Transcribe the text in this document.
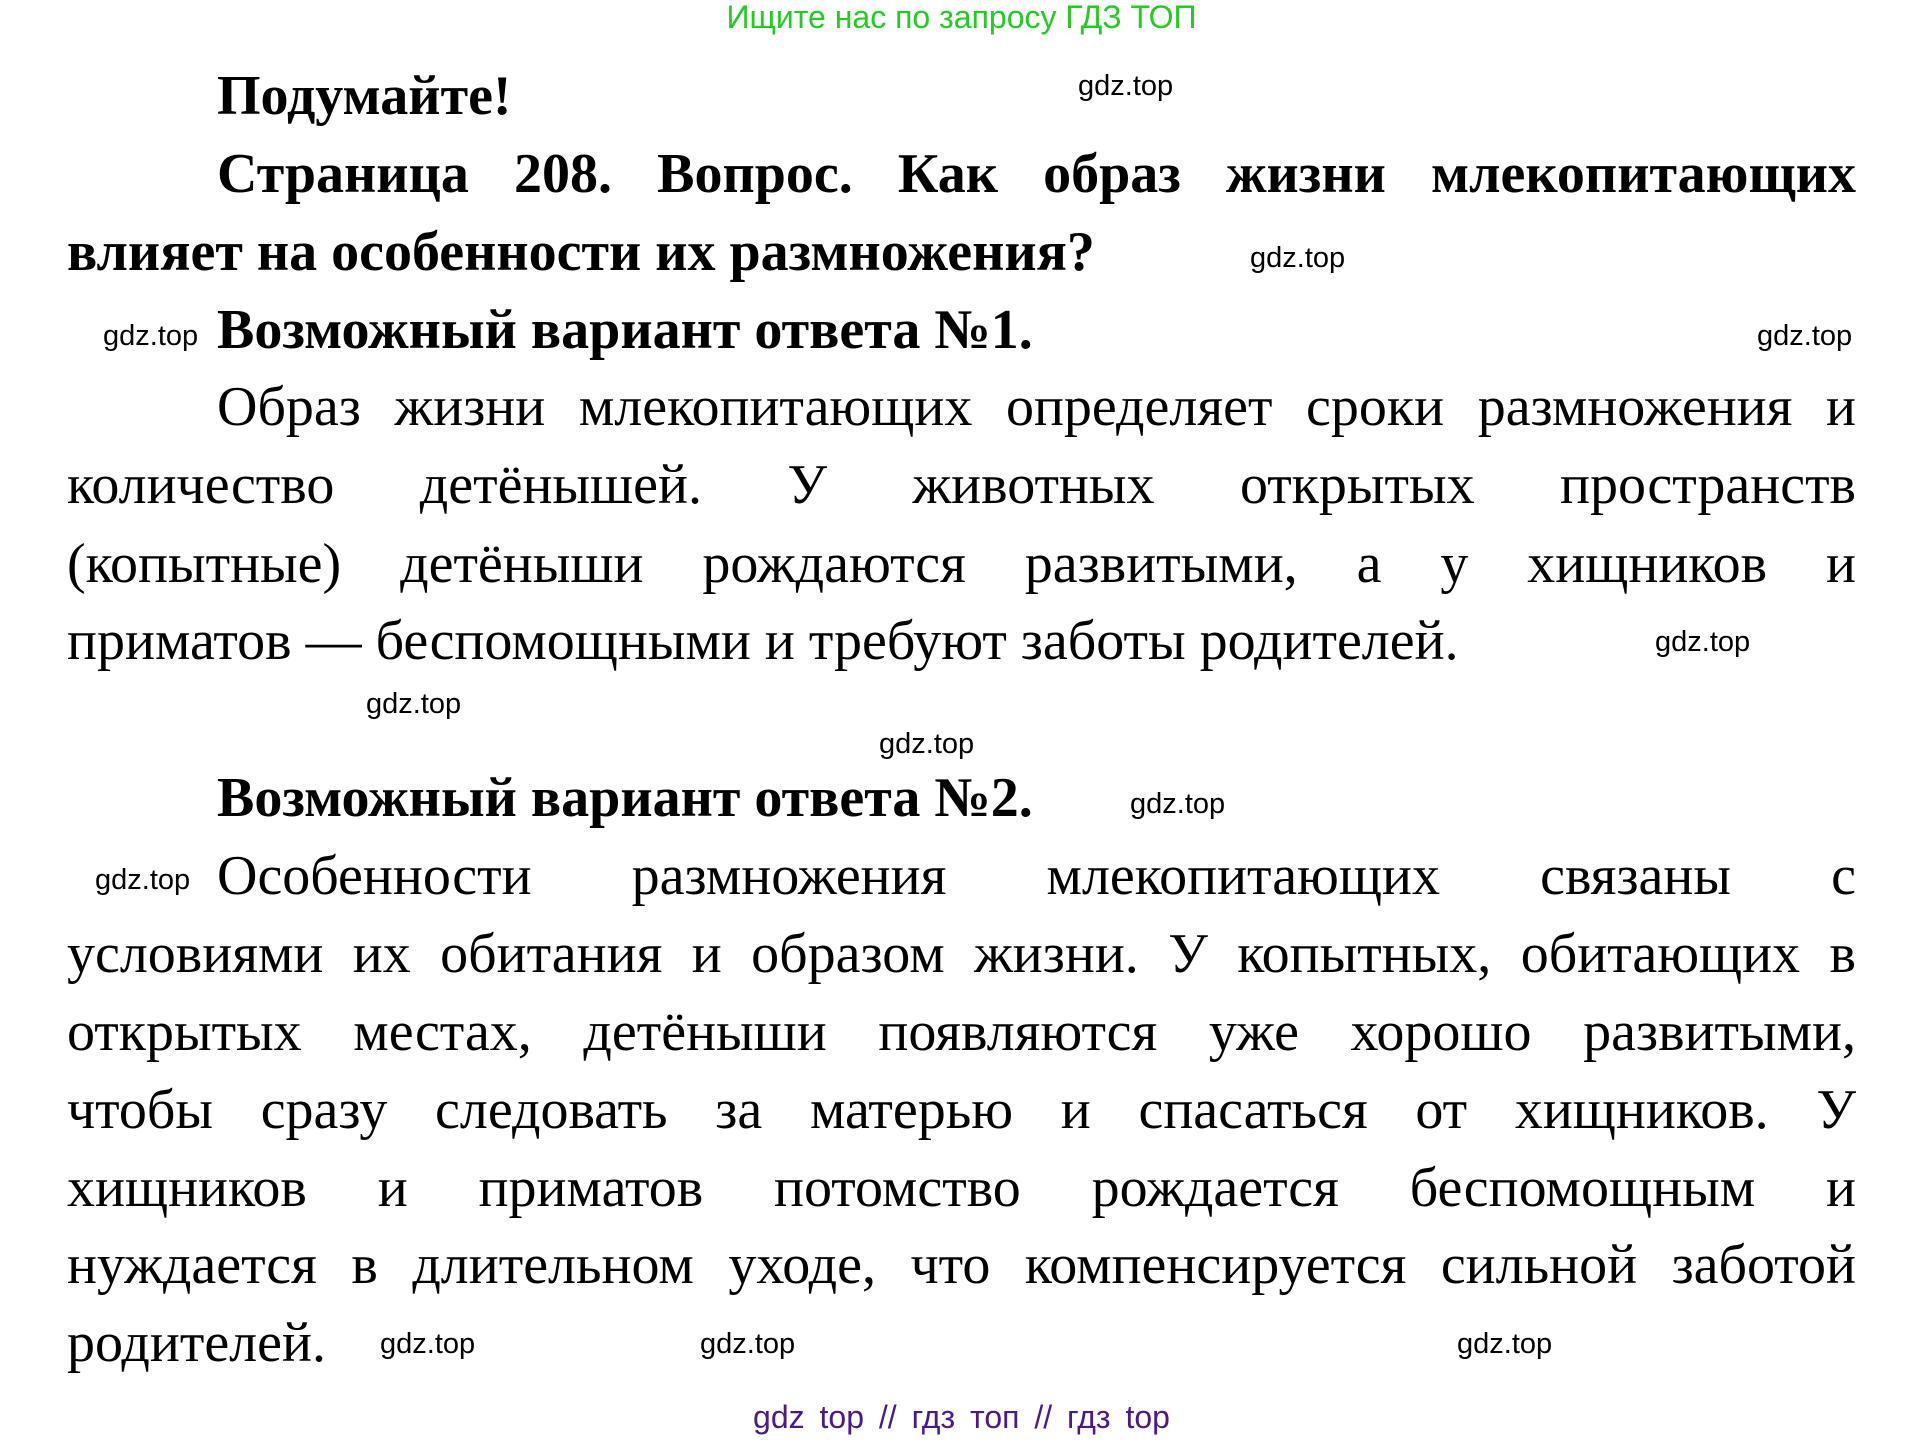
Ищите нас по запросу ГДЗ ТОП
Подумайте!
Страница 208. Вопрос. Как образ жизни млекопитающих
влияет на особенности их размножения?
Возможный вариант ответа №1.
Образ жизни млекопитающих определяет сроки размножения и
количество детёнышей. У животных открытых пространств
(копытные) детёныши рождаются развитыми, а у хищников и
приматов — беспомощными и требуют заботы родителей.
Возможный вариант ответа №2.
Особенности размножения млекопитающих связаны с
условиями их обитания и образом жизни. У копытных, обитающих в
открытых местах, детёныши появляются уже хорошо развитыми,
чтобы сразу следовать за матерью и спасаться от хищников. У
хищников и приматов потомство рождается беспомощным и
нуждается в длительном уходе, что компенсируется сильной заботой
родителей.
gdz.top
gdz.top
gdz.top	gdz.top
gdz.top
gdz.top
gdz.top
gdz.top
gdz.top
gdz.top	gdz.top
gdz.top
gdz top // гдз топ // гдз top
